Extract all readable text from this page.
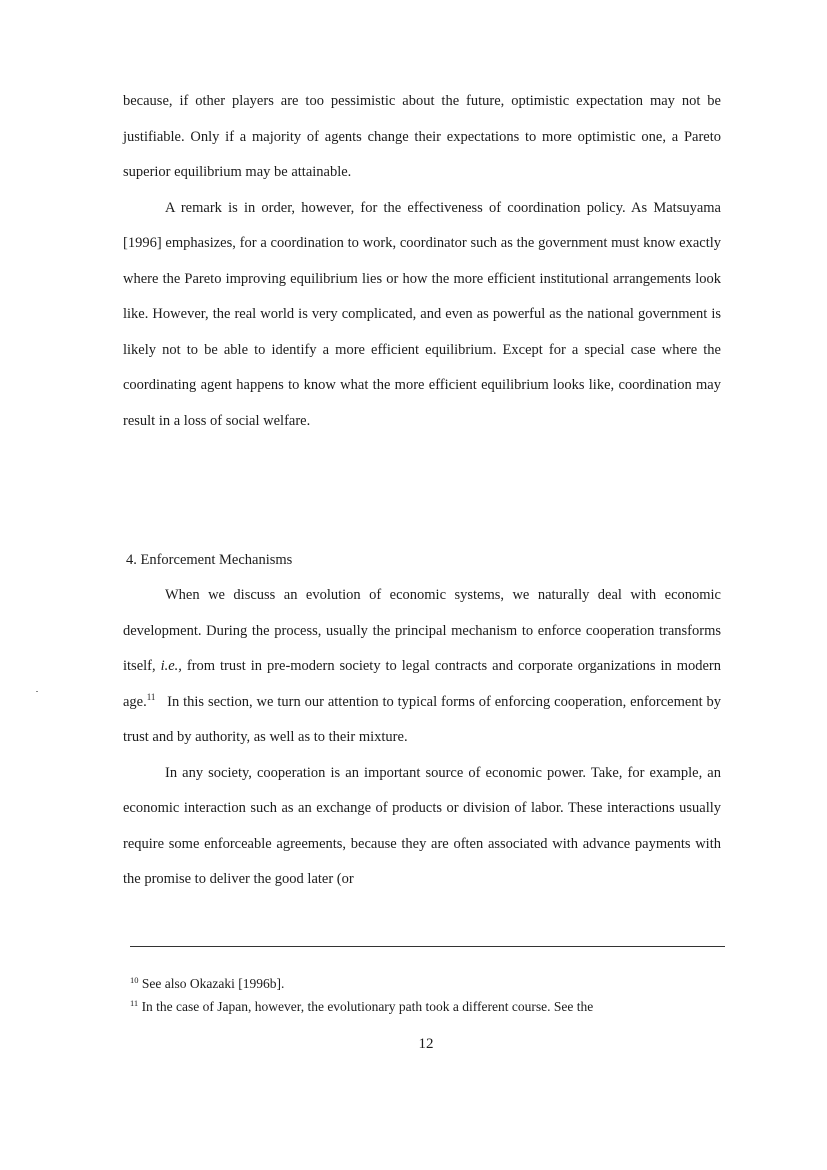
because, if other players are too pessimistic about the future, optimistic expectation may not be justifiable. Only if a majority of agents change their expectations to more optimistic one, a Pareto superior equilibrium may be attainable.

A remark is in order, however, for the effectiveness of coordination policy. As Matsuyama [1996] emphasizes, for a coordination to work, coordinator such as the government must know exactly where the Pareto improving equilibrium lies or how the more efficient institutional arrangements look like. However, the real world is very complicated, and even as powerful as the national government is likely not to be able to identify a more efficient equilibrium. Except for a special case where the coordinating agent happens to know what the more efficient equilibrium looks like, coordination may result in a loss of social welfare.

4. Enforcement Mechanisms

When we discuss an evolution of economic systems, we naturally deal with economic development. During the process, usually the principal mechanism to enforce cooperation transforms itself, i.e., from trust in pre-modern society to legal contracts and corporate organizations in modern age.$^{11}$ In this section, we turn our attention to typical forms of enforcing cooperation, enforcement by trust and by authority, as well as to their mixture.

In any society, cooperation is an important source of economic power. Take, for example, an economic interaction such as an exchange of products or division of labor. These interactions usually require some enforceable agreements, because they are often associated with advance payments with the promise to deliver the good later (or

$^{10}$ See also Okazaki [1996b].
$^{11}$ In the case of Japan, however, the evolutionary path took a different course. See the
12
